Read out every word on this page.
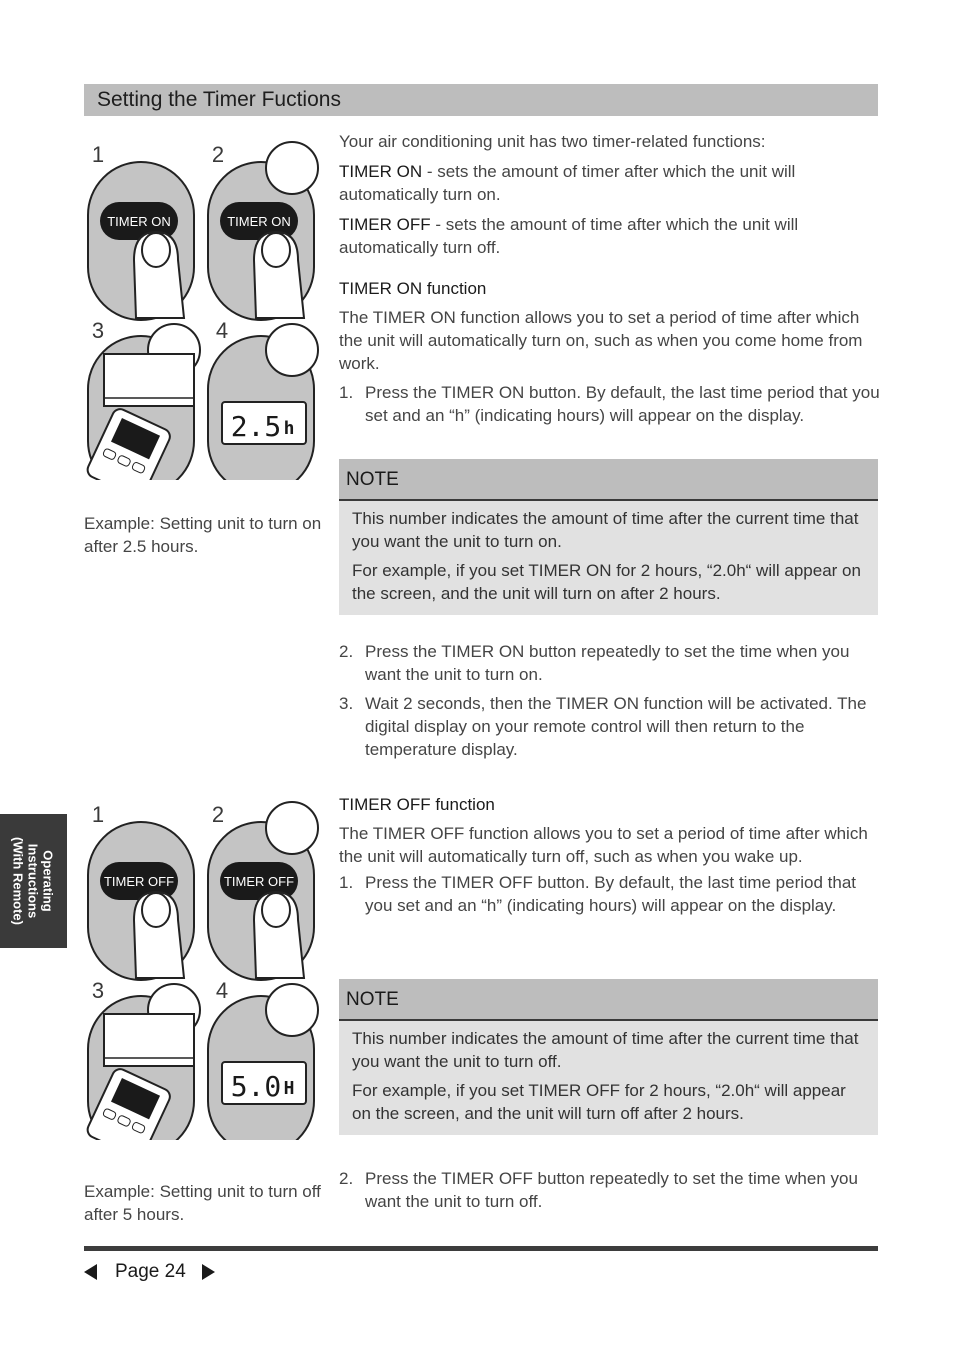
Setting the Timer Fuctions

Your air conditioning unit has two timer-related functions:

TIMER ON - sets the amount of timer after which the unit will automatically turn on.

TIMER OFF - sets the amount of time after which the unit will automatically turn off.

TIMER ON function

The TIMER ON function allows you to set a period of time after which the unit will automatically turn on, such as when you come home from work.

1. Press the TIMER ON button. By default, the last time period that you set and an “h” (indicating hours) will appear on the display.
NOTE

This number indicates the amount of time after the current time that you want the unit to turn on.

For example, if you set TIMER ON for 2 hours, “2.0h“ will appear on the screen, and the unit will turn on after 2 hours.

2. Press the TIMER ON button repeatedly to set the time when you want the unit to turn on.
3. Wait 2 seconds, then the TIMER ON function will be activated. The digital display on your remote control will then return to the temperature display.

TIMER OFF function

The TIMER OFF function allows you to set a period of time after which the unit will automatically turn off, such as when you wake up.

1. Press the TIMER OFF button. By default, the last time period that you set and an “h” (indicating hours) will appear on the display.
NOTE

This number indicates the amount of time after the current time that you want the unit to turn off.

For example, if you set TIMER OFF for 2 hours, “2.0h“ will appear on the screen, and the unit will turn off after 2 hours.

2. Press the TIMER OFF button repeatedly to set the time when you want the unit to turn off.
TIMER ON	TIMER ON
2.5 h
1	2
3	4
Example: Setting unit to turn on after 2.5 hours.
TIMER OFF	TIMER OFF
5.0 H
1	2
3	4
Example: Setting unit to turn off after 5 hours.
Operating
Instructions
(With Remote)
Page 24
